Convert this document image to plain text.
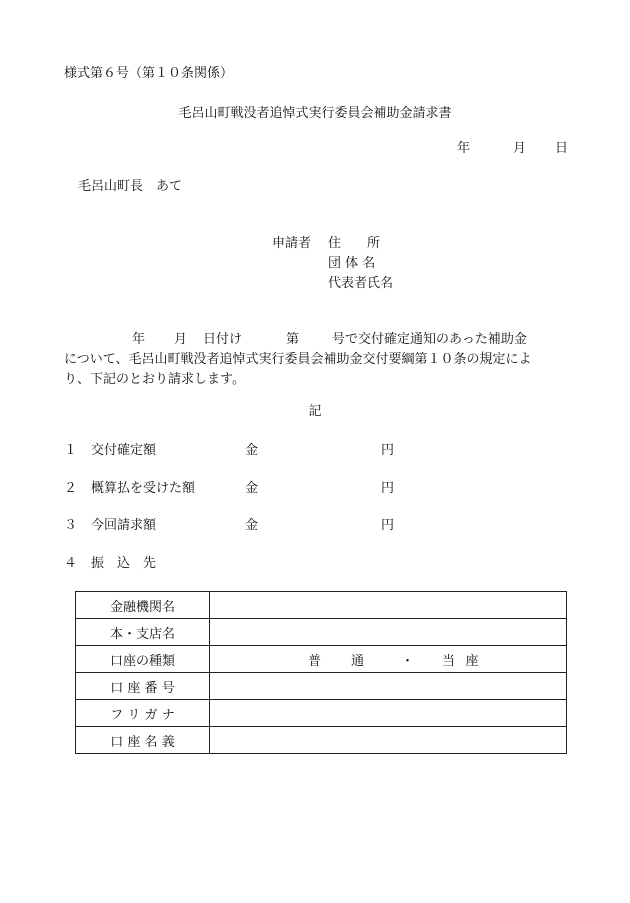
様式第６号（第１０条関係）
毛呂山町戦没者追悼式実行委員会補助金請求書
年	月 日
毛呂山町長　あて
申請者 住　　所
団 体 名
代表者氏名

年 月 日付け	第	号で交付確定通知のあった補助金

について、毛呂山町戦没者追悼式実行委員会補助金交付要綱第１０条の規定によ

り、下記のとおり請求します。

記
１ 交付確定額	金	円
２ 概算払を受けた額	金	円
３ 今回請求額	金	円
４ 振　込　先
金融機関名	
本・支店名	
口座の種類	普 通 ・ 当 座
口 座 番 号	
フ リ ガ ナ	
口 座 名 義	
